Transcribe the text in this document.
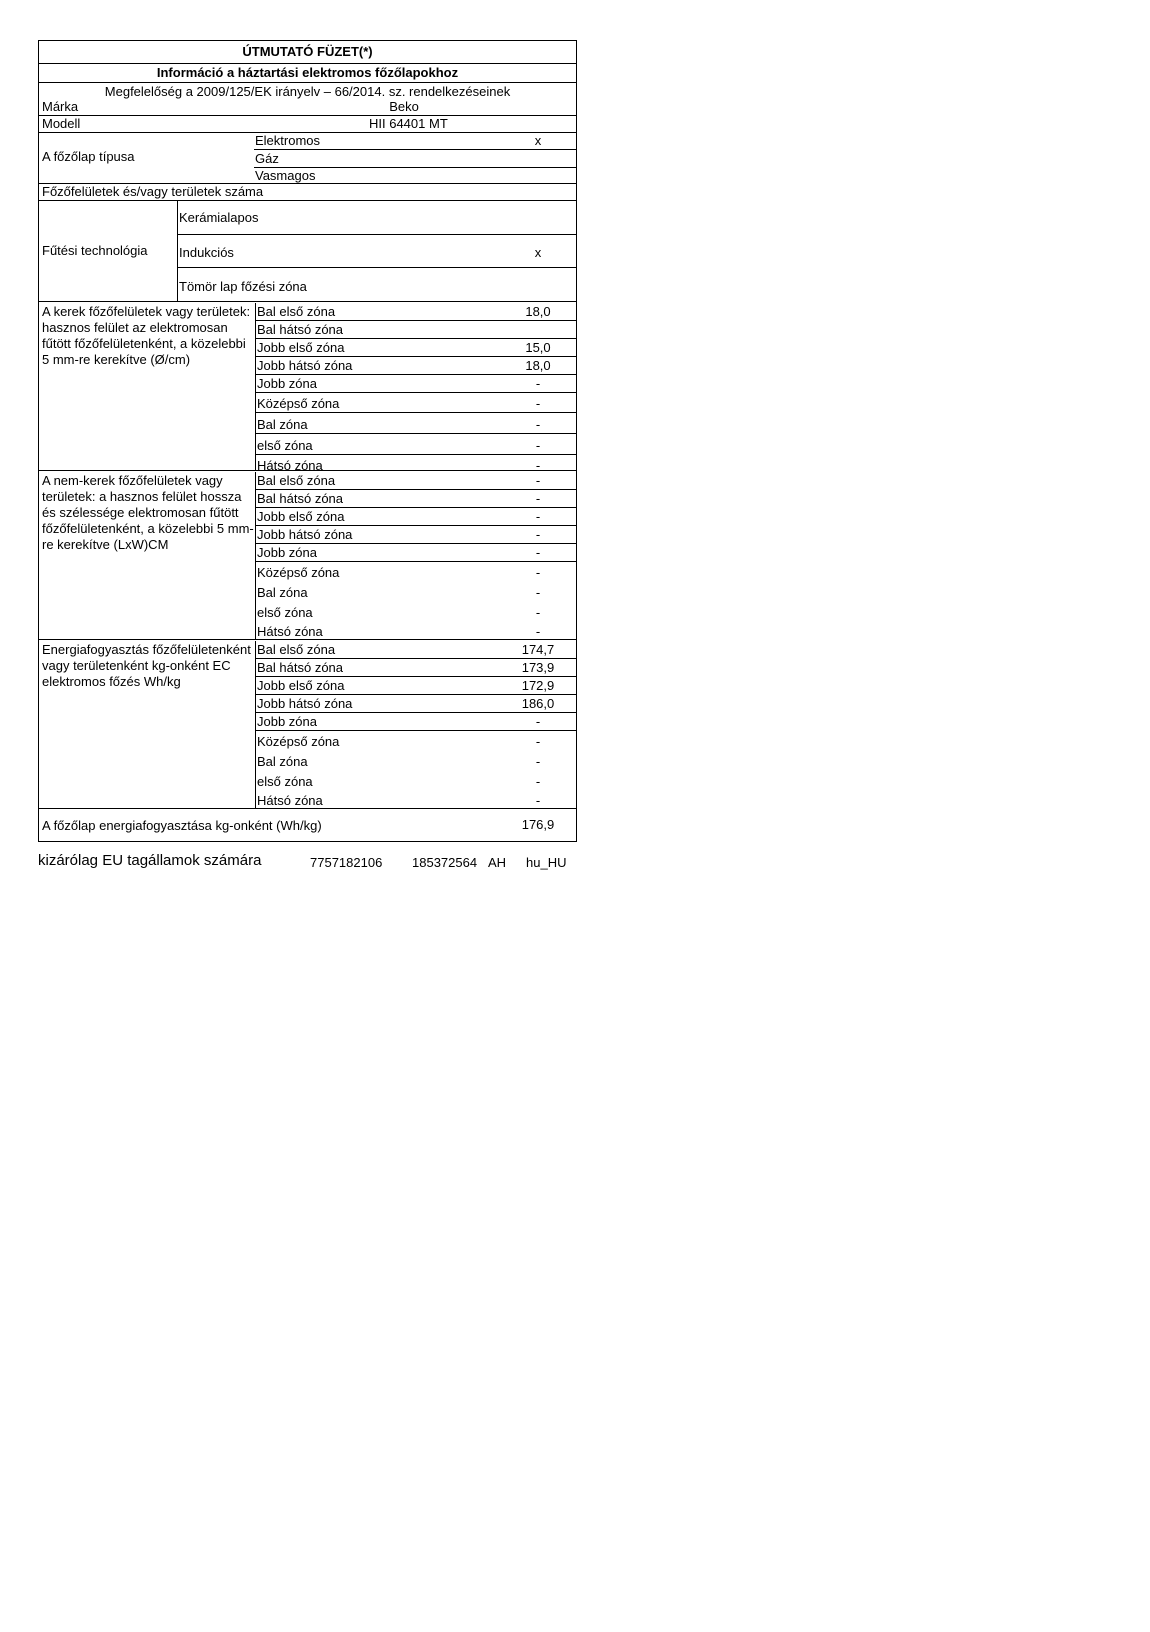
ÚTMUTATÓ FÜZET(*)
Információ a háztartási elektromos főzőlapokhoz
Megfelelőség a 2009/125/EK irányelv – 66/2014. sz. rendelkezéseinek
Márka	Beko
Modell	HII 64401 MT
A főzőlap típusa
Elektromos	x
Gáz
Vasmagos
Főzőfelületek és/vagy területek száma
Fűtési technológia
Kerámialapos
Indukciós	x
Tömör lap főzési zóna
A kerek főzőfelületek vagy területek: hasznos felület az elektromosan fűtött főzőfelületenként, a közelebbi 5 mm-re kerekítve (Ø/cm)
Bal első zóna	18,0
Bal hátsó zóna
Jobb első zóna	15,0
Jobb hátsó zóna	18,0
Jobb zóna	-
Középső zóna	-
Bal zóna	-
első zóna	-
Hátsó zóna	-
A nem-kerek főzőfelületek vagy területek: a hasznos felület hossza és szélessége elektromosan fűtött főzőfelületenként, a közelebbi 5 mm-re kerekítve (LxW)CM
Bal első zóna	-
Bal hátsó zóna	-
Jobb első zóna	-
Jobb hátsó zóna	-
Jobb zóna	-
Középső zóna	-
Bal zóna	-
első zóna	-
Hátsó zóna	-
Energiafogyasztás főzőfelületenként vagy területenként kg-onként EC elektromos főzés Wh/kg
Bal első zóna	174,7
Bal hátsó zóna	173,9
Jobb első zóna	172,9
Jobb hátsó zóna	186,0
Jobb zóna	-
Középső zóna	-
Bal zóna	-
első zóna	-
Hátsó zóna	-
A főzőlap energiafogyasztása kg-onként (Wh/kg)	176,9
kizárólag EU tagállamok számára	7757182106 185372564 AH hu_HU
